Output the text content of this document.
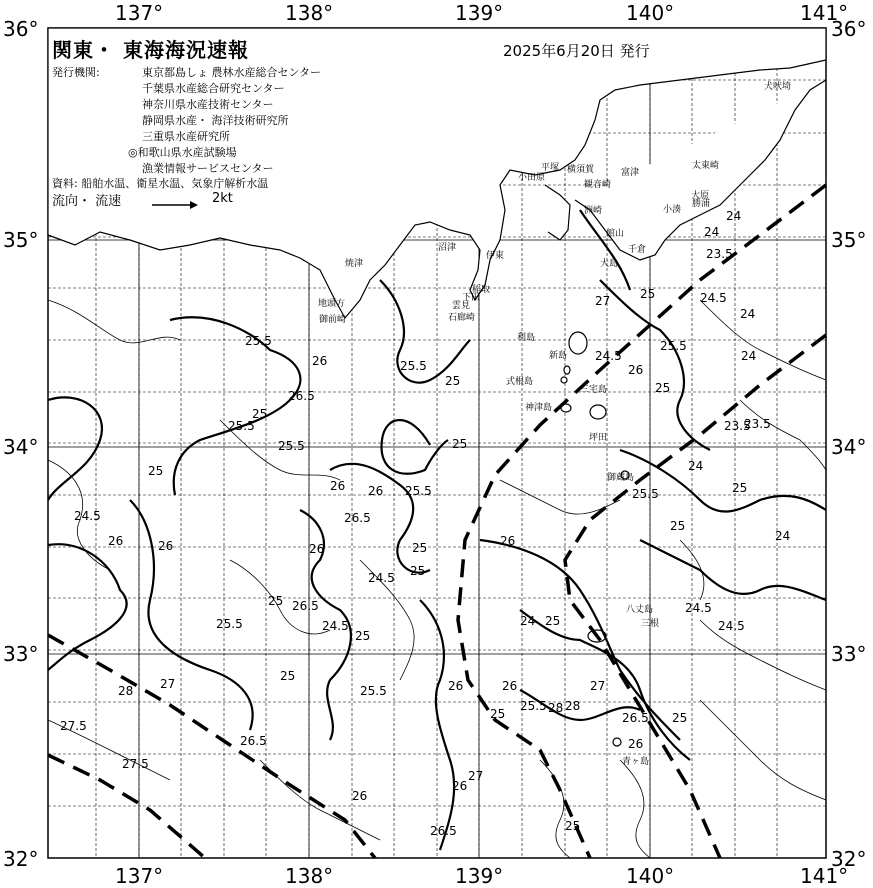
137°	138°	139°	140°	141°
137°	138°	139°	140°	141°
36°
35°
34°
33°
32°
36°
35°
34°
33°
32°
25.5
26
26.5
25.5
25
25.5
25
25.5	25
25
26 26 25.5
24.5
26	26	26
24.5
25	26
26.5
25
26.5
25.5
25
24.5
25
25
25.5	26
28
27.5
27
27.5
26.5
26
25
25.5
26
26.5
27
26
28 28
27
26.5
26
25
24
25
24
23.5
24
24.5
24
23.5
26
25
23.5
24
25
25.5
25
24
24.5
24.5
25
24
24.5
25.5
25
27
焼津
沼津
伊東
稲取
下田
石廊崎
雲見
地頭方
御前崎
小田原
平塚 横須賀
観音崎
富津
洲崎
館山
千倉
勝浦
大原
太東崎
犬吠埼
小湊
利島
新島
式根島
神津島
三宅島
坪田
御蔵島
八丈島
三根
青ヶ島
大島
関東・ 東海海況速報	2025年6月20日 発行
発行機関:	東京都島しょ 農林水産総合センター
千葉県水産総合研究センター
神奈川県水産技術センター
静岡県水産・ 海洋技術研究所
三重県水産研究所
◎和歌山県水産試験場
漁業情報サービスセンター
資料: 船舶水温、衛星水温、気象庁解析水温
流向・ 流速	2kt
